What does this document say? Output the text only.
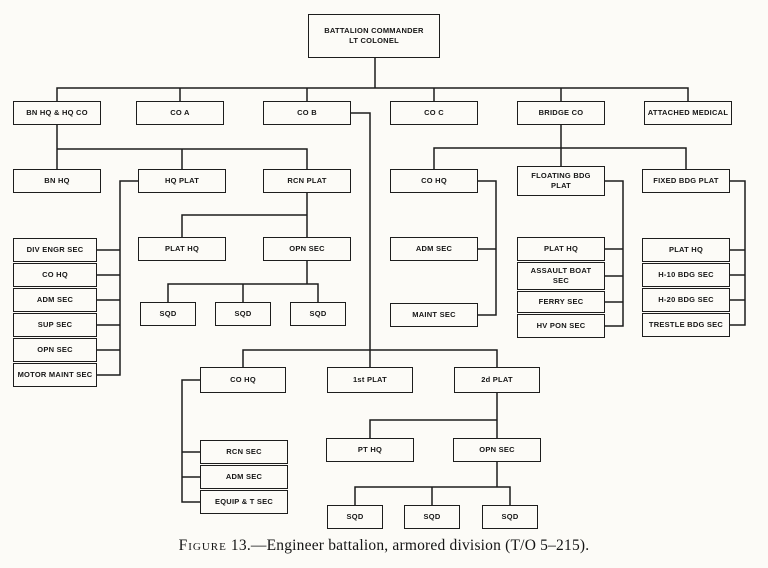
BATTALION COMMANDER
LT COLONEL
BN HQ & HQ CO	CO A	CO B	CO C	BRIDGE CO	ATTACHED MEDICAL
BN HQ	HQ PLAT	RCN PLAT	CO HQ
FLOATING BDG
PLAT
FIXED BDG PLAT
DIV ENGR SEC
CO HQ
ADM SEC
SUP SEC
OPN SEC
MOTOR MAINT SEC
PLAT HQ	OPN SEC
SQD	SQD	SQD
ADM SEC
MAINT SEC
PLAT HQ
ASSAULT BOAT
SEC
FERRY SEC
HV PON SEC
PLAT HQ
H-10 BDG SEC
H-20 BDG SEC
TRESTLE BDG SEC
CO HQ	1st PLAT	2d PLAT
RCN SEC
ADM SEC
EQUIP & T SEC
PT HQ	OPN SEC
SQD	SQD	SQD
Figure 13.—Engineer battalion, armored division (T/O 5–215).
